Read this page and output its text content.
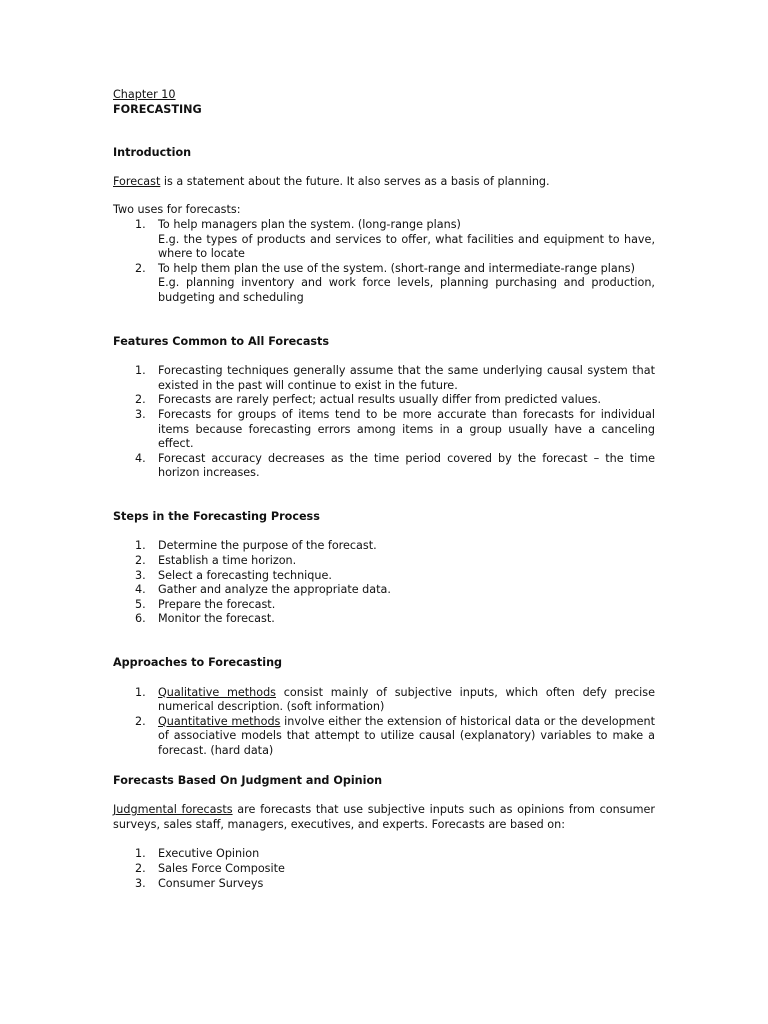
Chapter 10

FORECASTING

Introduction

Forecast is a statement about the future. It also serves as a basis of planning.

Two uses for forecasts:

1. To help managers plan the system. (long-range plans)
E.g. the types of products and services to offer, what facilities and equipment to have, where to locate
2. To help them plan the use of the system. (short-range and intermediate-range plans)
E.g. planning inventory and work force levels, planning purchasing and production, budgeting and scheduling

Features Common to All Forecasts

1. Forecasting techniques generally assume that the same underlying causal system that existed in the past will continue to exist in the future.
2. Forecasts are rarely perfect; actual results usually differ from predicted values.
3. Forecasts for groups of items tend to be more accurate than forecasts for individual items because forecasting errors among items in a group usually have a canceling effect.
4. Forecast accuracy decreases as the time period covered by the forecast – the time horizon increases.

Steps in the Forecasting Process

1. Determine the purpose of the forecast.
2. Establish a time horizon.
3. Select a forecasting technique.
4. Gather and analyze the appropriate data.
5. Prepare the forecast.
6. Monitor the forecast.

Approaches to Forecasting

1. Qualitative methods consist mainly of subjective inputs, which often defy precise numerical description. (soft information)
2. Quantitative methods involve either the extension of historical data or the development of associative models that attempt to utilize causal (explanatory) variables to make a forecast. (hard data)

Forecasts Based On Judgment and Opinion

Judgmental forecasts are forecasts that use subjective inputs such as opinions from consumer surveys, sales staff, managers, executives, and experts. Forecasts are based on:

1. Executive Opinion
2. Sales Force Composite
3. Consumer Surveys
